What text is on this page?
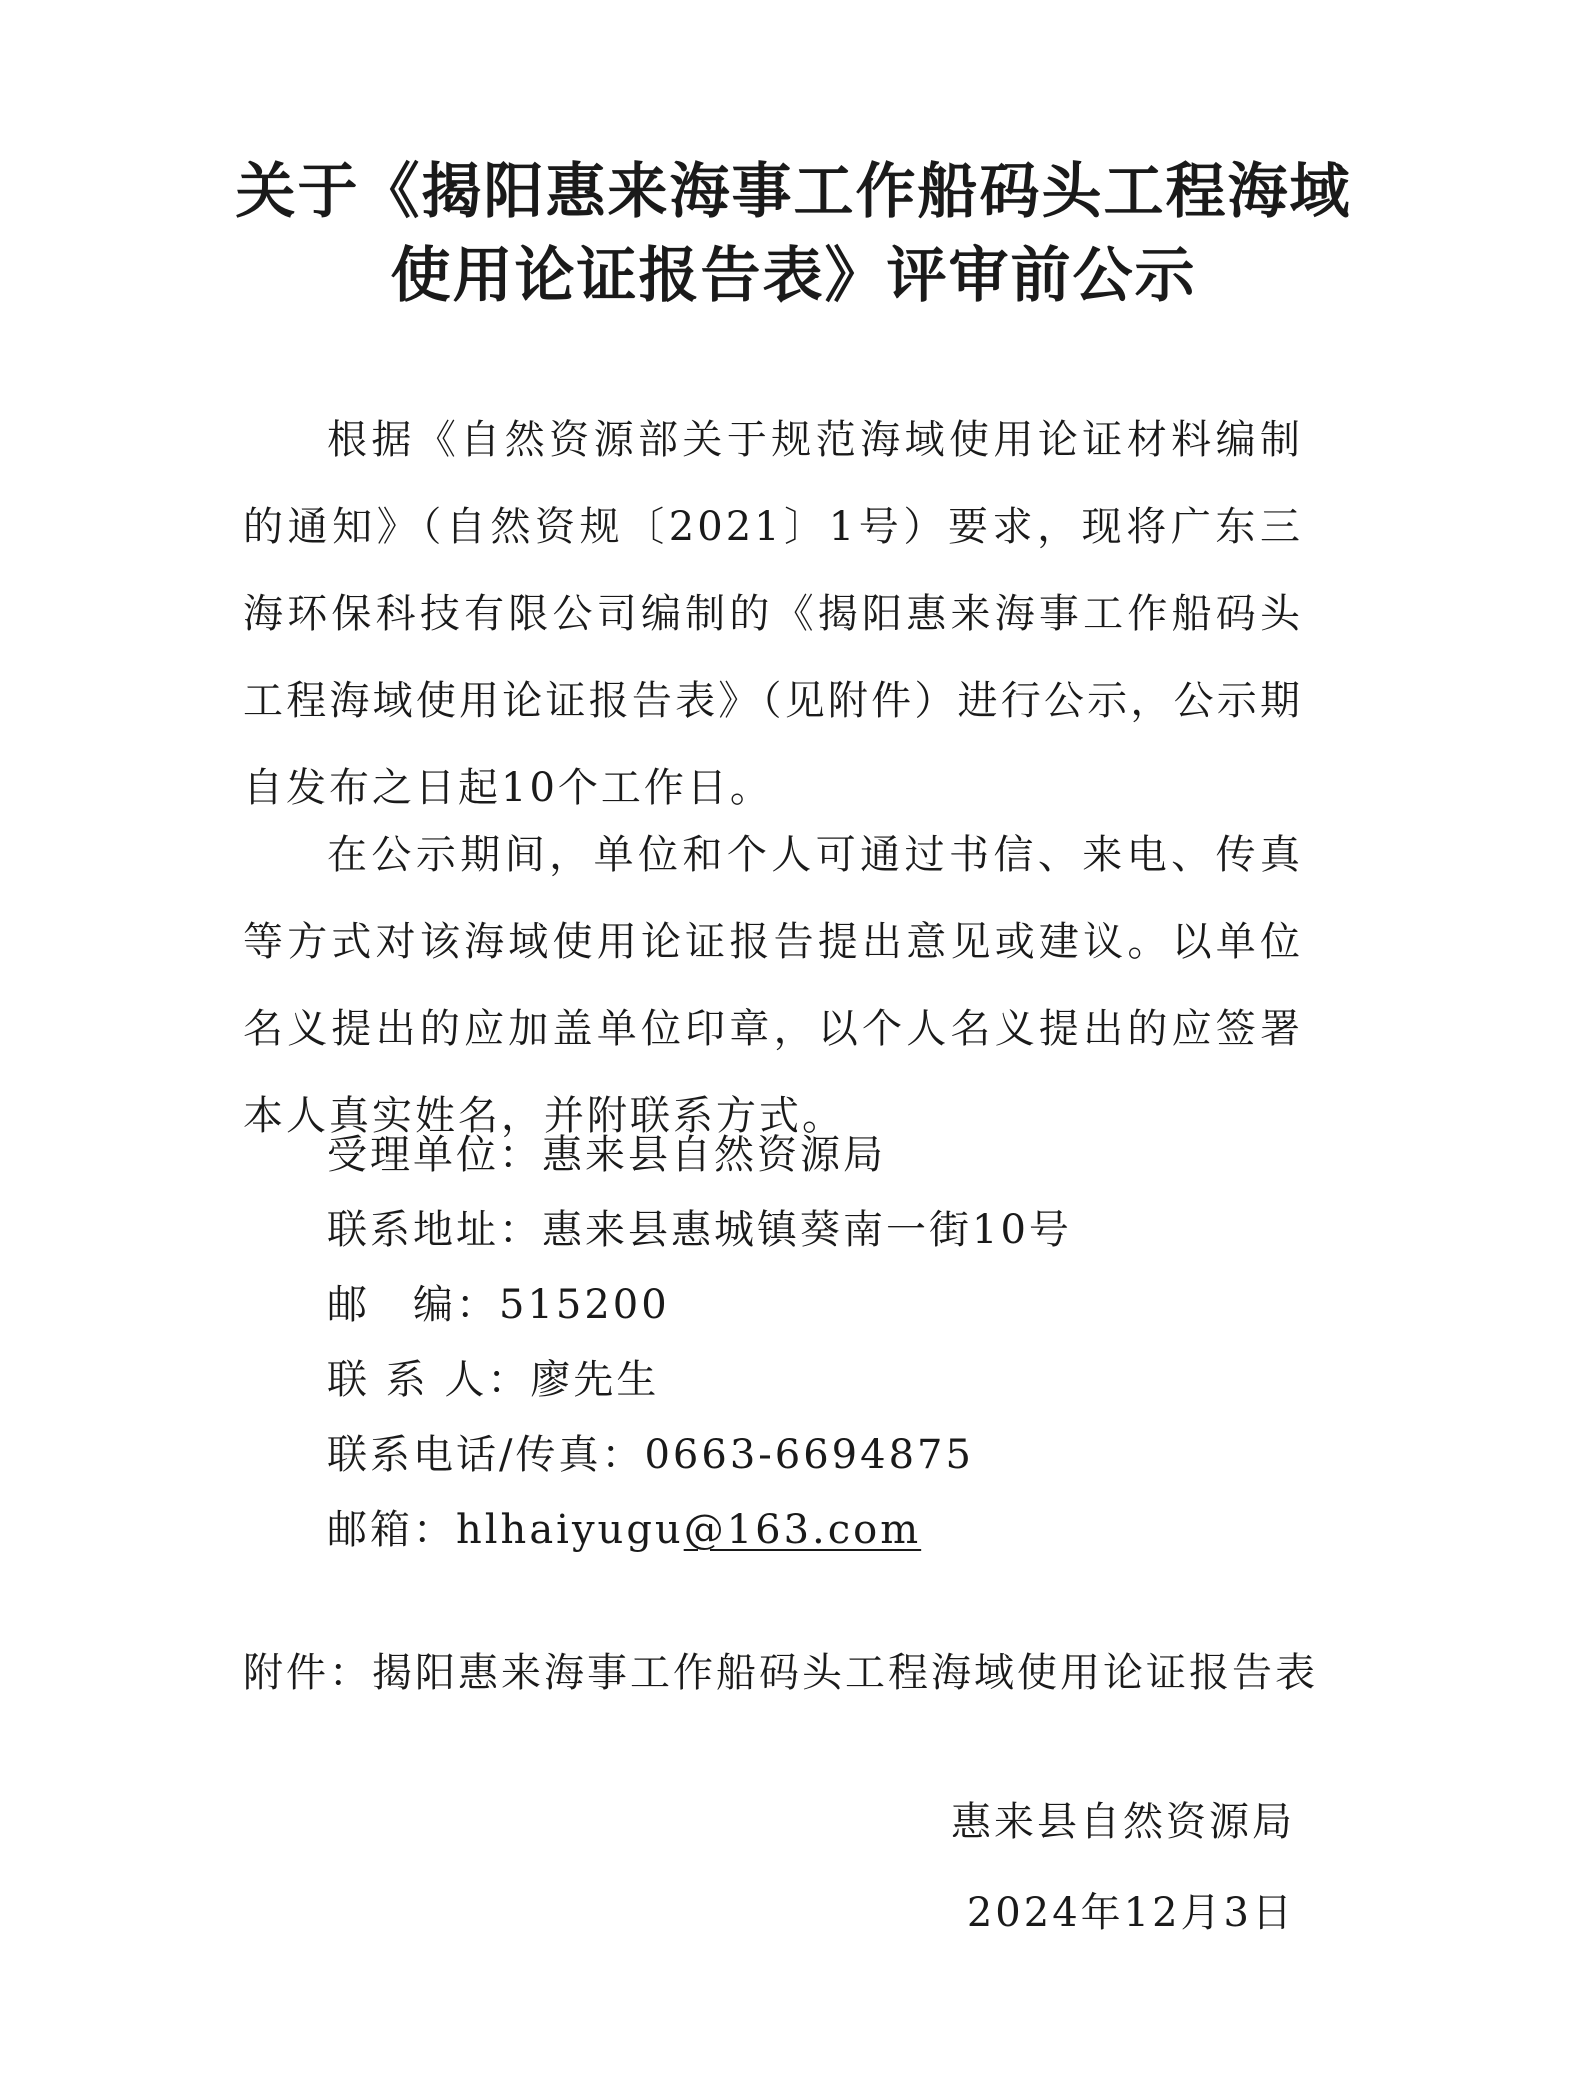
关于《揭阳惠来海事工作船码头工程海域
使用论证报告表》评审前公示

根据《自然资源部关于规范海域使用论证材料编制的通知》（自然资规〔2021〕1号）要求，现将广东三海环保科技有限公司编制的《揭阳惠来海事工作船码头工程海域使用论证报告表》（见附件）进行公示，公示期自发布之日起10个工作日。

在公示期间，单位和个人可通过书信、来电、传真等方式对该海域使用论证报告提出意见或建议。以单位名义提出的应加盖单位印章，以个人名义提出的应签署本人真实姓名，并附联系方式。

受理单位：惠来县自然资源局
联系地址：惠来县惠城镇葵南一街10号
邮　编：515200
联 系 人：廖先生
联系电话/传真：0663-6694875
邮箱：hlhaiyugu@163.com
附件：揭阳惠来海事工作船码头工程海域使用论证报告表
惠来县自然资源局
2024年12月3日
